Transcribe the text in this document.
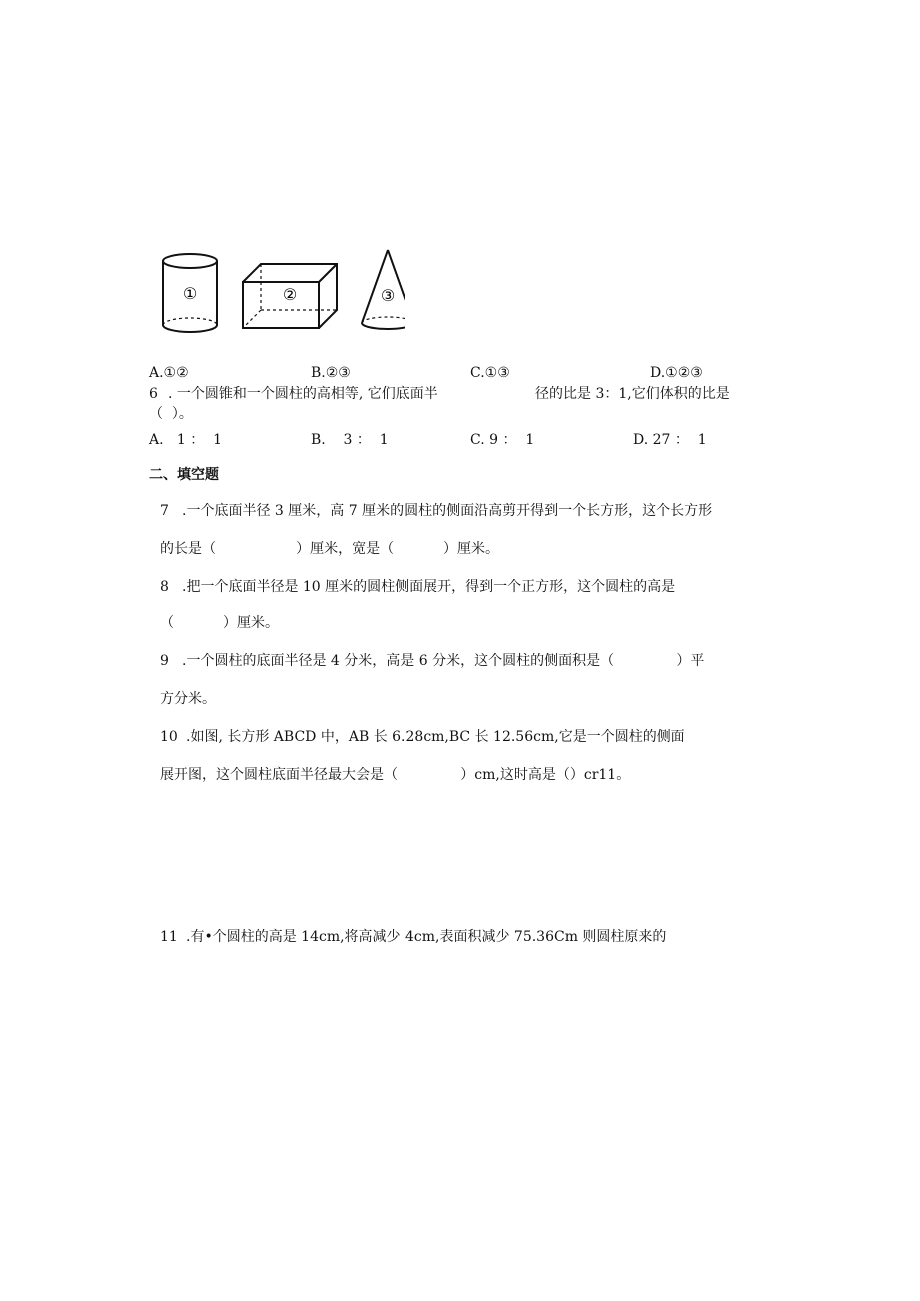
①	②	③
A.①②	B.②③	C.①③	D.①②③
6 . 一个圆锥和一个圆柱的高相等, 它们底面半	径的比是 3：1,它们体积的比是
（  ）。
A.   1 ：  1	B.    3 ：  1	C. 9 ：  1	D. 27 ：  1
二、填空题
7 .一个底面半径 3 厘米，高 7 厘米的圆柱的侧面沿高剪开得到一个长方形，这个长方形
的长是（                  ）厘米，宽是（           ）厘米。
8 .把一个底面半径是 10 厘米的圆柱侧面展开，得到一个正方形，这个圆柱的高是
（           ）厘米。
9 .一个圆柱的底面半径是 4 分米，高是 6 分米，这个圆柱的侧面积是（              ）平
方分米。
10 .如图, 长方形 ABCD 中，AB 长 6.28cm,BC 长 12.56cm,它是一个圆柱的侧面
展开图，这个圆柱底面半径最大会是（              ）cm,这时高是（）cr11。
11 .有•个圆柱的高是 14cm,将高减少 4cm,表面积减少 75.36Cm 则圆柱原来的
